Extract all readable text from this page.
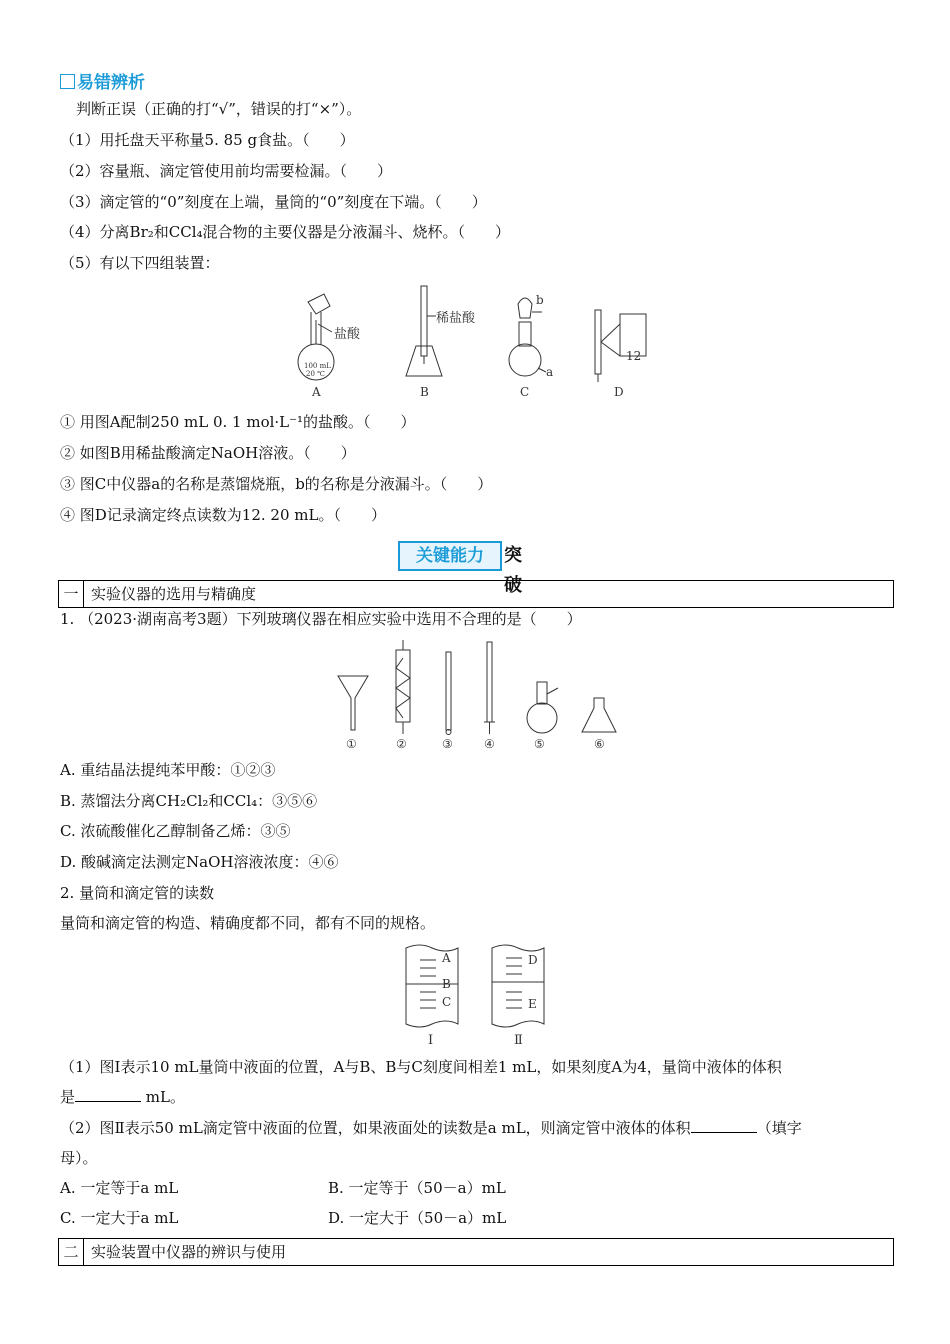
易错辨析
判断正误（正确的打“√”，错误的打“×”）。
（1）用托盘天平称量5. 85 g食盐。（　　）
（2）容量瓶、滴定管使用前均需要检漏。（　　）
（3）滴定管的“0”刻度在上端，量筒的“0”刻度在下端。（　　）
（4）分离Br₂和CCl₄混合物的主要仪器是分液漏斗、烧杯。（　　）
（5）有以下四组装置：
100 mL
20 ℃
盐酸
A
稀盐酸
B
b
a
C
12
D
① 用图A配制250 mL 0. 1 mol·L⁻¹的盐酸。（　　）
② 如图B用稀盐酸滴定NaOH溶液。（　　）
③ 图C中仪器a的名称是蒸馏烧瓶，b的名称是分液漏斗。（　　）
④ 图D记录滴定终点读数为12. 20 mL。（　　）
关键能力	突破
一 实验仪器的选用与精确度
1. （2023·湖南高考3题）下列玻璃仪器在相应实验中选用不合理的是（　　）
①	②	③	④	⑤	⑥
A. 重结晶法提纯苯甲酸：①②③
B. 蒸馏法分离CH₂Cl₂和CCl₄：③⑤⑥
C. 浓硫酸催化乙醇制备乙烯：③⑤
D. 酸碱滴定法测定NaOH溶液浓度：④⑥
2. 量筒和滴定管的读数
量筒和滴定管的构造、精确度都不同，都有不同的规格。
A
B
C
D
E
Ⅰ	Ⅱ
（1）图Ⅰ表示10 mL量筒中液面的位置，A与B、B与C刻度间相差1 mL，如果刻度A为4，量筒中液体的体积
是	mL。
（2）图Ⅱ表示50 mL滴定管中液面的位置，如果液面处的读数是a mL，则滴定管中液体的体积	（填字
母）。
A. 一定等于a mL	B. 一定等于（50－a）mL
C. 一定大于a mL	D. 一定大于（50－a）mL
二 实验装置中仪器的辨识与使用
